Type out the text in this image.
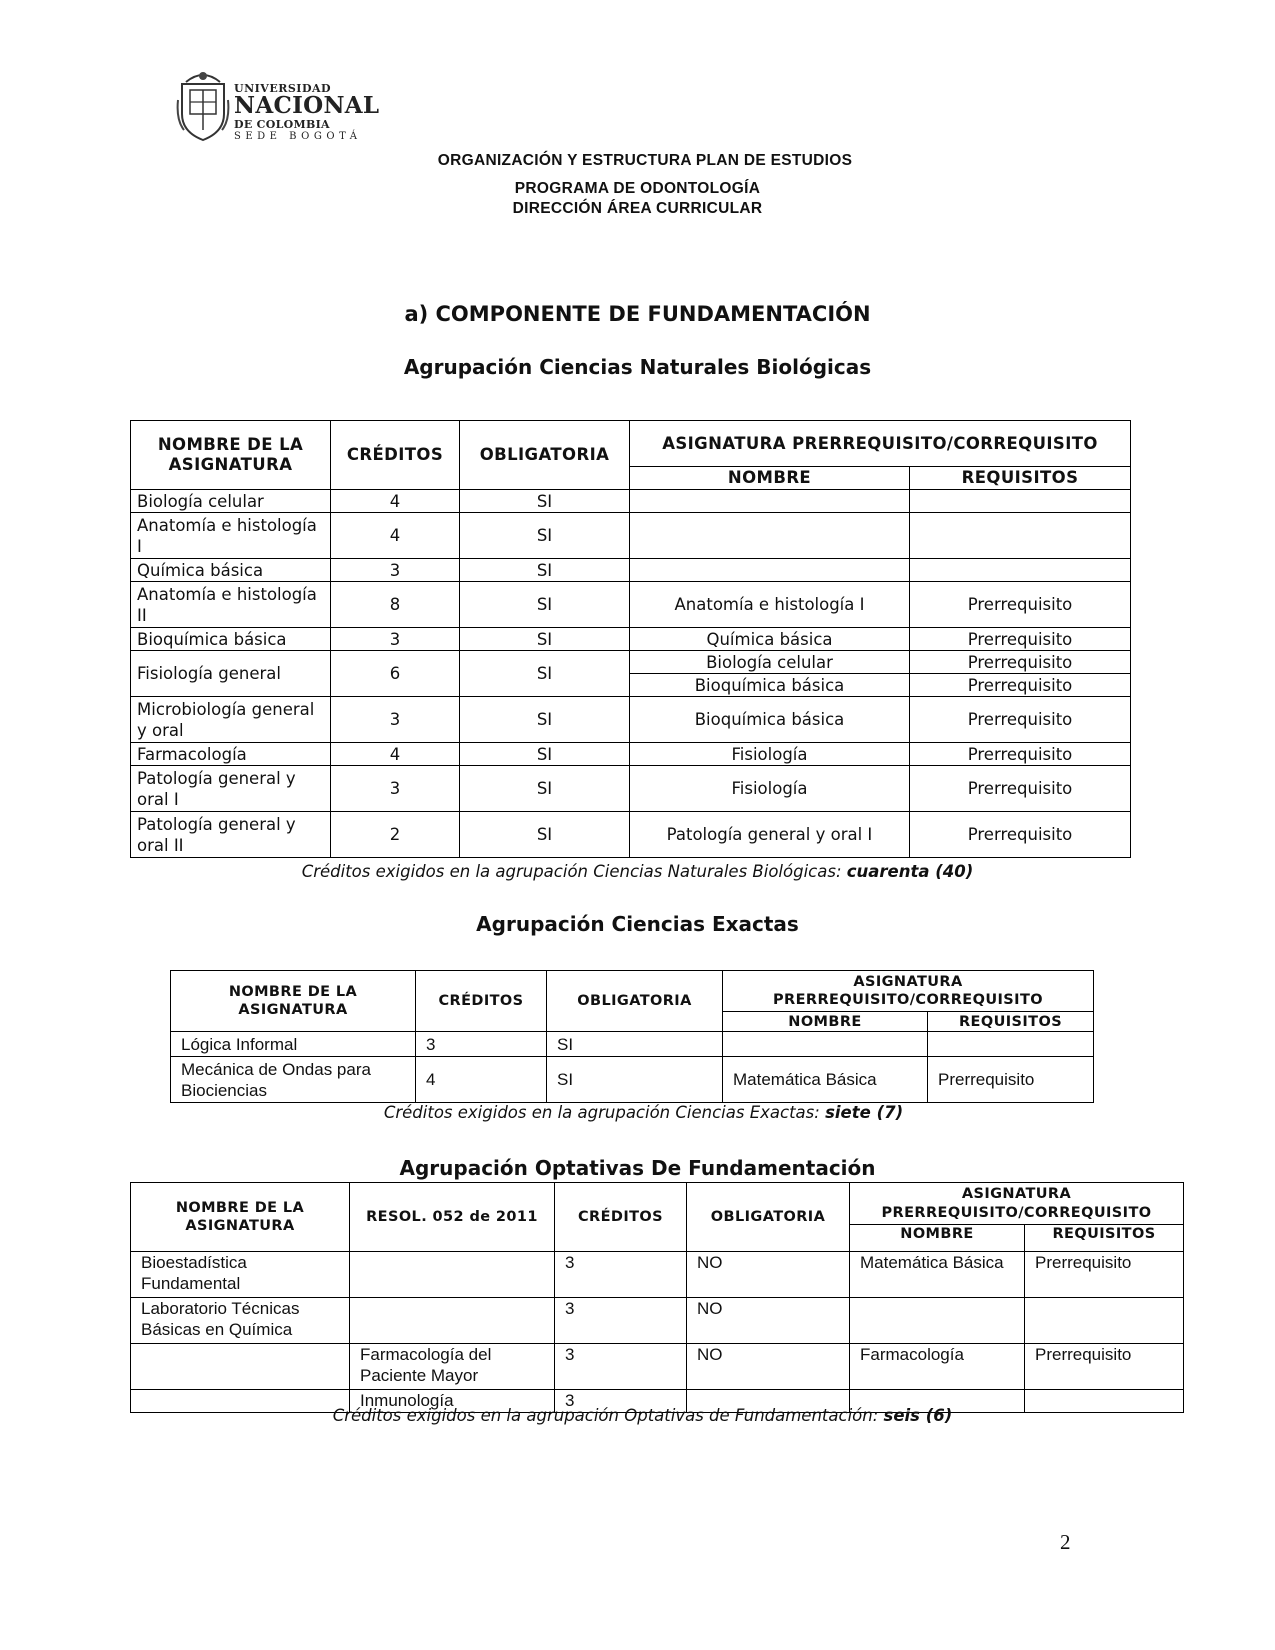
UNIVERSIDAD
NACIONAL
DE COLOMBIA
SEDE BOGOTÁ
ORGANIZACIÓN Y ESTRUCTURA PLAN DE ESTUDIOS
PROGRAMA DE ODONTOLOGÍA
DIRECCIÓN ÁREA CURRICULAR
a) COMPONENTE DE FUNDAMENTACIÓN
Agrupación Ciencias Naturales Biológicas
NOMBRE DE LA ASIGNATURA	CRÉDITOS	OBLIGATORIA	ASIGNATURA PRERREQUISITO/CORREQUISITO	
			NOMBRE	REQUISITOS
Biología celular	4	SI		
Anatomía e histología I	4	SI		
Química básica	3	SI		
Anatomía e histología II	8	SI	Anatomía e histología I	Prerrequisito
Bioquímica básica	3	SI	Química básica	Prerrequisito
Fisiología general	6	SI	Biología celular	Prerrequisito
			Bioquímica básica	Prerrequisito
Microbiología general y oral	3	SI	Bioquímica básica	Prerrequisito
Farmacología	4	SI	Fisiología	Prerrequisito
Patología general y oral I	3	SI	Fisiología	Prerrequisito
Patología general y oral II	2	SI	Patología general y oral I	Prerrequisito
Créditos exigidos en la agrupación Ciencias Naturales Biológicas: cuarenta (40)
Agrupación Ciencias Exactas
NOMBRE DE LA ASIGNATURA	CRÉDITOS	OBLIGATORIA	ASIGNATURA PRERREQUISITO/CORREQUISITO	
			NOMBRE	REQUISITOS
Lógica Informal	3	SI		
Mecánica de Ondas para Biociencias	4	SI	Matemática Básica	Prerrequisito
Créditos exigidos en la agrupación Ciencias Exactas: siete (7)
Agrupación Optativas De Fundamentación
NOMBRE DE LA ASIGNATURA	RESOL. 052 de 2011	CRÉDITOS	OBLIGATORIA	ASIGNATURA PRERREQUISITO/CORREQUISITO	
				NOMBRE	REQUISITOS
Bioestadística Fundamental		3	NO	Matemática Básica	Prerrequisito
Laboratorio Técnicas Básicas en Química		3	NO		
	Farmacología del Paciente Mayor	3	NO	Farmacología	Prerrequisito
	Inmunología	3			
Créditos exigidos en la agrupación Optativas de Fundamentación: seis (6)
2
